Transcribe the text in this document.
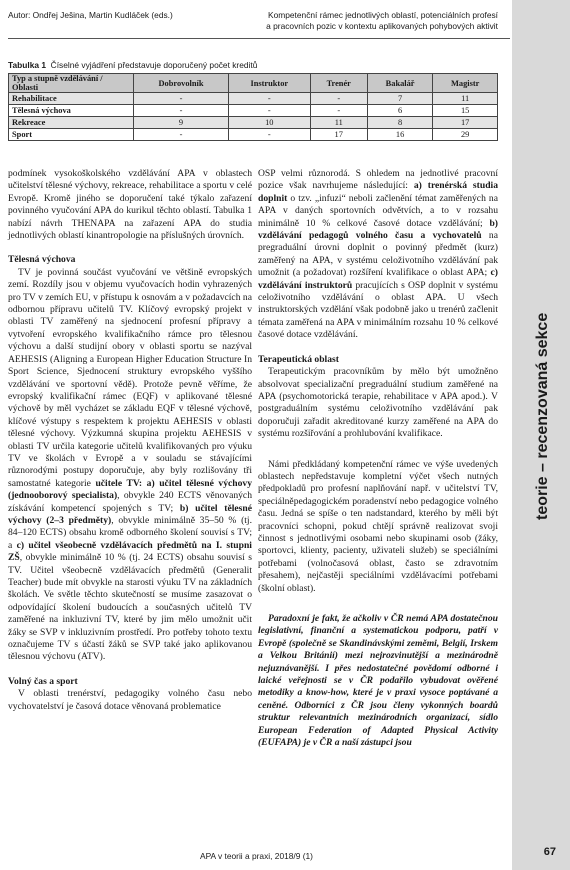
Autor: Ondřej Ješina, Martin Kudláček (eds.)	Kompetenční rámec jednotlivých oblastí, potenciálních profesí
a pracovních pozic v kontextu aplikovaných pohybových aktivit
Tabulka 1 Číselné vyjádření představuje doporučený počet kreditů
Typ a stupně vzdělávání / Oblasti	Dobrovolník	Instruktor	Trenér	Bakalář	Magistr
Rehabilitace	-	-	-	7	11
Tělesná výchova	-	-	-	6	15
Rekreace	9	10	11	8	17
Sport	-	-	17	16	29

podmínek vysokoškolského vzdělávání APA v oblastech učitelství tělesné výchovy, rekreace, rehabilitace a sportu v celé Evropě. Kromě jiného se doporučení také týkalo zařazení povinného vyučování APA do kurikul těchto oblastí. Tabulka 1 nabízí návrh THENAPA na zařazení APA do studia jednotlivých oblastí kinantropologie na příslušných úrovních.

Tělesná výchova

TV je povinná součást vyučování ve většině evropských zemí. Rozdíly jsou v objemu vyučovacích hodin vyhrazených pro TV v zemích EU, v přístupu k osnovám a v požadavcích na odbornou přípravu učitelů TV. Klíčový evropský projekt v oblasti TV zaměřený na sjednocení profesní přípravy a vytvoření evropského kvalifikačního rámce pro tělesnou výchovu a další studijní obory v oblasti sportu se nazýval AEHESIS (Aligning a European Higher Education Structure In Sport Science, Sjednocení struktury evropského vyššího vzdělávání ve sportovní vědě). Protože pevně věříme, že evropský kvalifikační rámec (EQF) v aplikované tělesné výchově by měl vycházet se základu EQF v tělesné výchově, klíčové výstupy s respektem k projektu AEHESIS v oblasti tělesné výchovy. Výzkumná skupina projektu AEHESIS v oblasti TV určila kategorie učitelů kvalifikovaných pro výuku TV ve školách v Evropě a v souladu se stávajícími různorodými postupy doporučuje, aby byly rozlišovány tři samostatné kategorie učitele TV: a) učitel tělesné výchovy (jednooborový specialista), obvykle 240 ECTS věnovaných získávání kompetencí spojených s TV; b) učitel tělesné výchovy (2–3 předměty), obvykle minimálně 35–50 % (tj. 84–120 ECTS) obsahu kromě odborného školení souvisí s TV; a c) učitel všeobecně vzdělávacích předmětů na I. stupni ZŠ, obvykle minimálně 10 % (tj. 24 ECTS) obsahu souvisí s TV. Učitel všeobecně vzdělávacích předmětů (Generalit Teacher) bude mít obvykle na starosti výuku TV na základních školách. Ve světle těchto skutečností se musíme zasazovat o odpovídající školení budoucích a současných učitelů TV zaměřené na inkluzivní TV, které by jim mělo umožnit učit žáky se SVP v inkluzivním prostředí. Pro potřeby tohoto textu označujeme TV s účastí žáků se SVP také jako aplikovanou tělesnou výchovu (ATV).

Volný čas a sport

V oblasti trenérství, pedagogiky volného času nebo vychovatelství je časová dotace věnovaná problematice

OSP velmi různorodá. S ohledem na jednotlivé pracovní pozice však navrhujeme následující: a) trenérská studia doplnit o tzv. „infuzi“ neboli začlenění témat zaměřených na APA v daných sportovních odvětvích, a to v rozsahu minimálně 10 % celkové časové dotace vzdělávání; b) vzdělávání pedagogů volného času a vychovatelů na pregraduální úrovni doplnit o povinný předmět (kurz) zaměřený na APA, v systému celoživotního vzdělávání pak umožnit (a požadovat) rozšíření kvalifikace o oblast APA; c) vzdělávání instruktorů pracujících s OSP doplnit v systému celoživotního vzdělávání o oblast APA. U všech instruktorských vzdělání však podobně jako u trenérů začlenit témata zaměřená na APA v minimálním rozsahu 10 % celkové časové dotace vzdělávání.

Terapeutická oblast

Terapeutickým pracovníkům by mělo být umožněno absolvovat specializační pregraduální studium zaměřené na APA (psychomotorická terapie, rehabilitace v APA apod.). V postgraduálním systému celoživotního vzdělávání pak doporučuji zařadit akreditované kurzy zaměřené na APA do systému rozšiřování a prohlubování kvalifikace.

Námi předkládaný kompetenční rámec ve výše uvedených oblastech nepředstavuje kompletní výčet všech nutných předpokladů pro profesní naplňování např. v učitelství TV, speciálněpedagogickém poradenství nebo pedagogice volného času. Jedná se spíše o ten nadstandard, kterého by měli být pracovníci schopni, pokud chtějí správně realizovat svoji činnost s jednotlivými osobami nebo skupinami osob (žáky, sportovci, klienty, pacienty, uživateli služeb) se speciálními potřebami (volnočasová oblast, často se zdravotním přesahem), nejčastěji speciálními vzdělávacími potřebami (školní oblast).

Paradoxní je fakt, že ačkoliv v ČR nemá APA dostatečnou legislativní, finanční a systematickou podporu, patří v Evropě (společně se Skandinávskými zeměmi, Belgií, Irskem a Velkou Británií) mezi nejrozvinutější a mezinárodně nejuznávanější. I přes nedostatečné povědomí odborné i laické veřejnosti se v ČR podařilo vybudovat ověřené metodiky a know-how, které je v praxi vysoce poptávané a ceněné. Odborníci z ČR jsou členy vykonných boardů struktur relevantních mezinárodních organizací, sídlo European Federation of Adapted Physical Activity (EUFAPA) je v ČR a naší zástupci jsou

teorie – recenzovaná sekce
APA v teorii a praxi, 2018/9 (1)	67
